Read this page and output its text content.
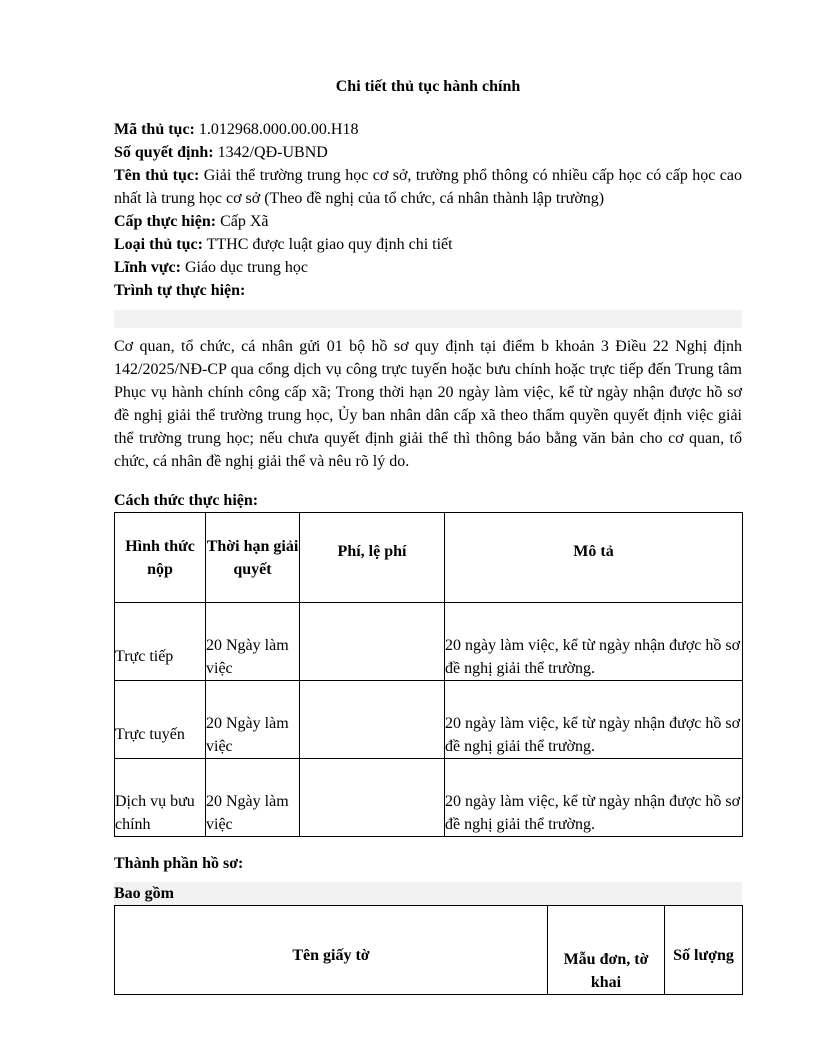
Chi tiết thủ tục hành chính

Mã thủ tục: 1.012968.000.00.00.H18

Số quyết định: 1342/QĐ-UBND

Tên thủ tục: Giải thể trường trung học cơ sở, trường phổ thông có nhiều cấp học có cấp học cao nhất là trung học cơ sở (Theo đề nghị của tổ chức, cá nhân thành lập trường)

Cấp thực hiện: Cấp Xã

Loại thủ tục: TTHC được luật giao quy định chi tiết

Lĩnh vực: Giáo dục trung học

Trình tự thực hiện:

Cơ quan, tổ chức, cá nhân gửi 01 bộ hồ sơ quy định tại điểm b khoản 3 Điều 22 Nghị định 142/2025/NĐ-CP qua cổng dịch vụ công trực tuyến hoặc bưu chính hoặc trực tiếp đến Trung tâm Phục vụ hành chính công cấp xã; Trong thời hạn 20 ngày làm việc, kể từ ngày nhận được hồ sơ đề nghị giải thể trường trung học, Ủy ban nhân dân cấp xã theo thẩm quyền quyết định việc giải thể trường trung học; nếu chưa quyết định giải thể thì thông báo bằng văn bản cho cơ quan, tổ chức, cá nhân đề nghị giải thể và nêu rõ lý do.

Cách thức thực hiện:

Hình thức nộp	Thời hạn giải quyết	Phí, lệ phí	Mô tả

Trực tiếp	20 Ngày làm việc		20 ngày làm việc, kể từ ngày nhận được hồ sơ đề nghị giải thể trường.

Trực tuyến	20 Ngày làm việc		20 ngày làm việc, kể từ ngày nhận được hồ sơ đề nghị giải thể trường.

Dịch vụ bưu chính	20 Ngày làm việc		20 ngày làm việc, kể từ ngày nhận được hồ sơ đề nghị giải thể trường.

Thành phần hồ sơ:

Bao gồm

Tên giấy tờ	Mẫu đơn, tờ khai	Số lượng
